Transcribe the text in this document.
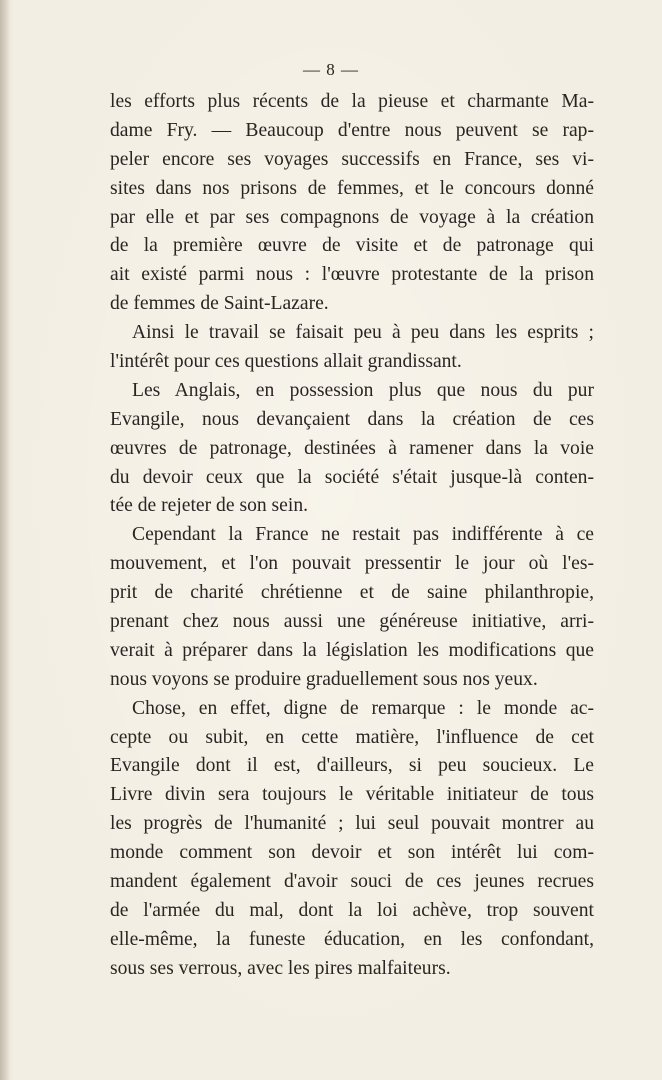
— 8 —
les efforts plus récents de la pieuse et charmante Ma-
dame Fry. — Beaucoup d'entre nous peuvent se rap-
peler encore ses voyages successifs en France, ses vi-
sites dans nos prisons de femmes, et le concours donné
par elle et par ses compagnons de voyage à la création
de la première œuvre de visite et de patronage qui
ait existé parmi nous : l'œuvre protestante de la prison
de femmes de Saint-Lazare.
Ainsi le travail se faisait peu à peu dans les esprits ;
l'intérêt pour ces questions allait grandissant.
Les Anglais, en possession plus que nous du pur
Evangile, nous devançaient dans la création de ces
œuvres de patronage, destinées à ramener dans la voie
du devoir ceux que la société s'était jusque-là conten-
tée de rejeter de son sein.
Cependant la France ne restait pas indifférente à ce
mouvement, et l'on pouvait pressentir le jour où l'es-
prit de charité chrétienne et de saine philanthropie,
prenant chez nous aussi une généreuse initiative, arri-
verait à préparer dans la législation les modifications que
nous voyons se produire graduellement sous nos yeux.
Chose, en effet, digne de remarque : le monde ac-
cepte ou subit, en cette matière, l'influence de cet
Evangile dont il est, d'ailleurs, si peu soucieux. Le
Livre divin sera toujours le véritable initiateur de tous
les progrès de l'humanité ; lui seul pouvait montrer au
monde comment son devoir et son intérêt lui com-
mandent également d'avoir souci de ces jeunes recrues
de l'armée du mal, dont la loi achève, trop souvent
elle-même, la funeste éducation, en les confondant,
sous ses verrous, avec les pires malfaiteurs.
